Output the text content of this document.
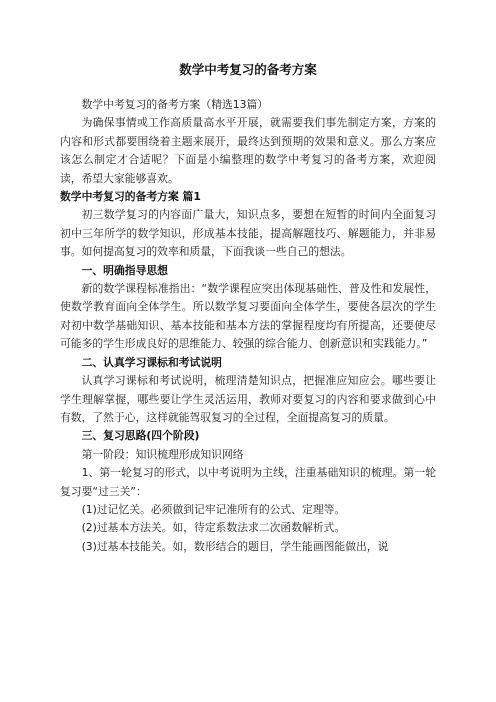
数学中考复习的备考方案

数学中考复习的备考方案（精选13篇）

为确保事情或工作高质量高水平开展，就需要我们事先制定方案，方案的内容和形式都要围绕着主题来展开，最终达到预期的效果和意义。那么方案应该怎么制定才合适呢？下面是小编整理的数学中考复习的备考方案，欢迎阅读，希望大家能够喜欢。

数学中考复习的备考方案 篇1

初三数学复习的内容面广量大，知识点多，要想在短暂的时间内全面复习初中三年所学的数学知识，形成基本技能，提高解题技巧、解题能力，并非易事。如何提高复习的效率和质量，下面我谈一些自己的想法。

一、明确指导思想

新的数学课程标准指出：“数学课程应突出体现基础性、普及性和发展性，使数学教育面向全体学生。所以数学复习要面向全体学生，要使各层次的学生对初中数学基础知识、基本技能和基本方法的掌握程度均有所提高，还要使尽可能多的学生形成良好的思维能力、较强的综合能力、创新意识和实践能力。”

二、认真学习课标和考试说明

认真学习课标和考试说明，梳理清楚知识点，把握准应知应会。哪些要让学生理解掌握，哪些要让学生灵活运用，教师对要复习的内容和要求做到心中有数，了然于心，这样就能驾驭复习的全过程，全面提高复习的质量。

三、复习思路(四个阶段)

第一阶段：知识梳理形成知识网络

1、第一轮复习的形式，以中考说明为主线，注重基础知识的梳理。第一轮复习要“过三关”：

(1)过记忆关。必须做到记牢记准所有的公式、定理等。

(2)过基本方法关。如，待定系数法求二次函数解析式。

(3)过基本技能关。如，数形结合的题目，学生能画图能做出，说
